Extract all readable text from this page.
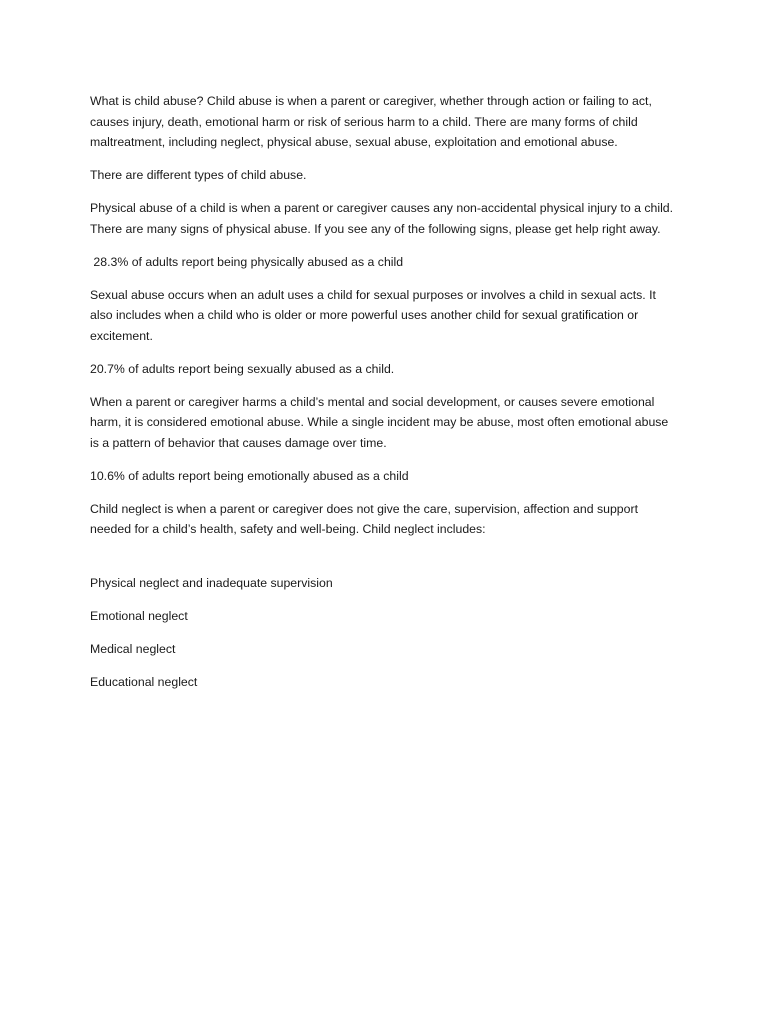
What is child abuse? Child abuse is when a parent or caregiver, whether through action or failing to act, causes injury, death, emotional harm or risk of serious harm to a child. There are many forms of child maltreatment, including neglect, physical abuse, sexual abuse, exploitation and emotional abuse.

There are different types of child abuse.

Physical abuse of a child is when a parent or caregiver causes any non-accidental physical injury to a child. There are many signs of physical abuse. If you see any of the following signs, please get help right away.

28.3% of adults report being physically abused as a child

Sexual abuse occurs when an adult uses a child for sexual purposes or involves a child in sexual acts. It also includes when a child who is older or more powerful uses another child for sexual gratification or excitement.

20.7% of adults report being sexually abused as a child.

When a parent or caregiver harms a child’s mental and social development, or causes severe emotional harm, it is considered emotional abuse. While a single incident may be abuse, most often emotional abuse is a pattern of behavior that causes damage over time.

10.6% of adults report being emotionally abused as a child

Child neglect is when a parent or caregiver does not give the care, supervision, affection and support needed for a child’s health, safety and well-being. Child neglect includes:

Physical neglect and inadequate supervision

Emotional neglect

Medical neglect

Educational neglect
